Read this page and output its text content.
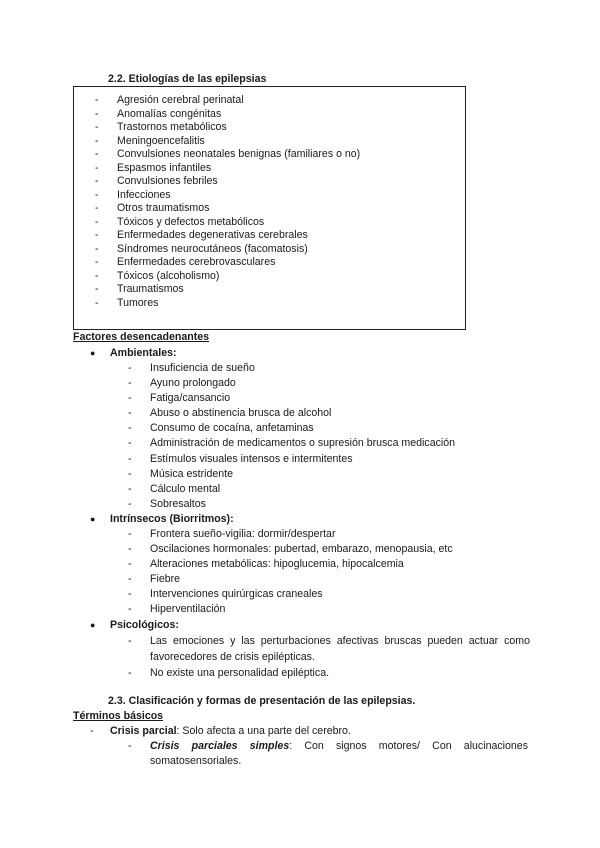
2.2. Etiologías de las epilepsias
- Agresión cerebral perinatal
- Anomalías congénitas
- Trastornos metabólicos
- Meningoencefalitis
- Convulsiones neonatales benignas (familiares o no)
- Espasmos infantiles
- Convulsiones febriles
- Infecciones
- Otros traumatismos
- Tóxicos y defectos metabólicos
- Enfermedades degenerativas cerebrales
- Síndromes neurocutáneos (facomatosis)
- Enfermedades cerebrovasculares
- Tóxicos (alcoholismo)
- Traumatismos
- Tumores
Factores desencadenantes
● Ambientales:
- Insuficiencia de sueño
- Ayuno prolongado
- Fatiga/cansancio
- Abuso o abstinencia brusca de alcohol
- Consumo de cocaína, anfetaminas
- Administración de medicamentos o supresión brusca medicación
- Estímulos visuales intensos e intermitentes
- Música estridente
- Cálculo mental
- Sobresaltos
● Intrínsecos (Biorritmos):
- Frontera sueño-vigilia: dormir/despertar
- Oscilaciones hormonales: pubertad, embarazo, menopausia, etc
- Alteraciones metabólicas: hipoglucemia, hipocalcemia
- Fiebre
- Intervenciones quirúrgicas craneales
- Hiperventilación
● Psicológicos:
- Las emociones y las perturbaciones afectivas bruscas pueden actuar como favorecedores de crisis epilépticas.
- No existe una personalidad epiléptica.
2.3. Clasificación y formas de presentación de las epilepsias.
Términos básicos
- Crisis parcial: Solo afecta a una parte del cerebro.
- Crisis parciales simples: Con signos motores/ Con alucinaciones somatosensoriales.
